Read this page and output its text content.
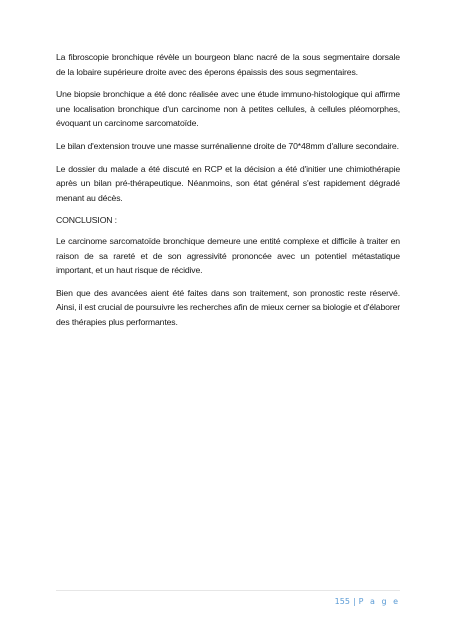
La fibroscopie bronchique révèle un bourgeon blanc nacré de la sous segmentaire dorsale de la lobaire supérieure droite avec des éperons épaissis des sous segmentaires.

Une biopsie bronchique a été donc réalisée avec une étude immuno-histologique qui affirme une localisation bronchique d'un carcinome non à petites cellules, à cellules pléomorphes, évoquant un carcinome sarcomatoïde.

Le bilan d'extension trouve une masse surrénalienne droite de 70*48mm d'allure secondaire.

Le dossier du malade a été discuté en RCP et la décision a été d'initier une chimiothérapie après un bilan pré-thérapeutique. Néanmoins, son état général s'est rapidement dégradé menant au décès.

CONCLUSION :

Le carcinome sarcomatoïde bronchique demeure une entité complexe et difficile à traiter en raison de sa rareté et de son agressivité prononcée avec un potentiel métastatique important, et un haut risque de récidive.

Bien que des avancées aient été faites dans son traitement, son pronostic reste réservé. Ainsi, il est crucial de poursuivre les recherches afin de mieux cerner sa biologie et d'élaborer des thérapies plus performantes.

155 | P a g e
